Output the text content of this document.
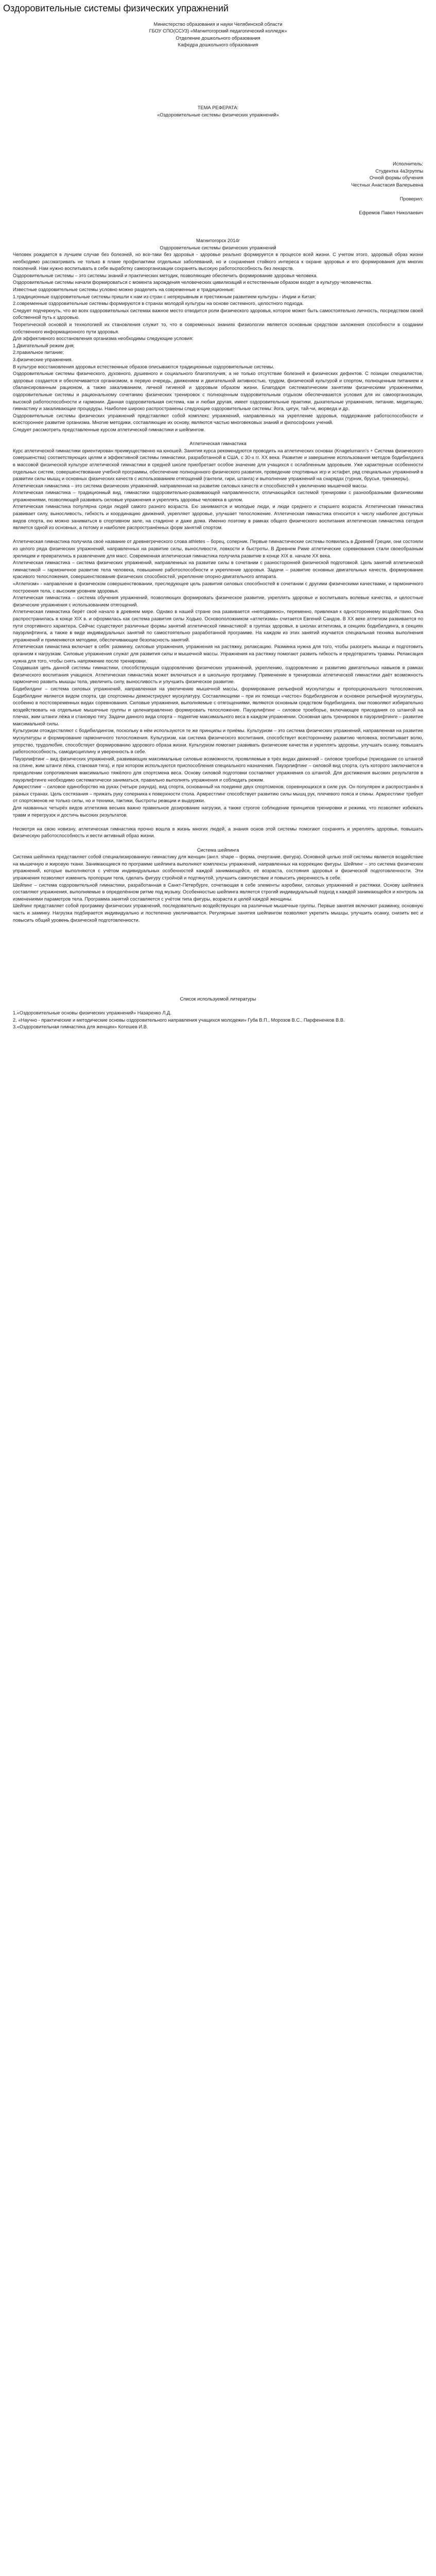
Оздоровительные системы физических упражнений
Министерство образования и науки Челябинской области
ГБОУ СПО(ССУЗ) «Магнитогорский педагогический колледж»
Отделение дошкольного образования
Кафедра дошкольного образования
ТЕМА РЕФЕРАТА:
«Оздоровительные системы физических упражнений»
Исполнитель:
Студентка 4a3группы
Очной формы обучения
Честных Анастасия Валерьевна
Проверил:
Ефремов Павел Николаевич
Магнитогорск 2014г
Оздоровительные системы физических упражнений

Человек рождается в лучшем случае без болезней, но все-таки без здоровья - здоровье реально формируется в процессе всей жизни. С учетом этого, здоровый образ жизни необходимо рассматривать не только в плане профилактики отдельных заболеваний, но и сохранения стойкого интереса к охране здоровья и его формирования для многих поколений. Нам нужно воспитывать в себе выработку самоорганизации сохранять высокую работоспособность без лекарств.

Оздоровительные системы – это системы знаний и практических методик, позволяющие обеспечить формирование здоровья человека.

Оздоровительные системы начали формироваться с момента зарождения человеческих цивилизаций и естественным образом входят в культуру человечества.

Известные оздоровительные системы условно можно разделить на современные и традиционные:

1.традиционные оздоровительные системы пришли к нам из стран с непрерывным и престижным развитием культуры - Индии и Китая;

2.современные оздоровительные системы формируются в странах молодой культуры на основе системного, целостного подхода.

Следует подчеркнуть, что во всех оздоровительных системах важное место отводится роли физического здоровья, которое может быть самостоятельно личность, посредством своей собственной путь к здоровью.

Теоретической основой и технологией их становления служит то, что в современных знаниях физиологии является основным средством заложения способности в создании собственного информационного пути здоровья.

Для эффективного восстановления организма необходимы следующие условия:

1.Двигательный режим дня;

2.правильное питание;

3.физические упражнения.

В культуре восстановления здоровья естественные образов описываются традиционные оздоровительные системы.

Оздоровительные системы физического, духовного, душевного и социального благополучия, а не только отсутствие болезней и физических дефектов. С позиции специалистов, здоровье создается и обеспечивается организмом, в первую очередь, движением и двигательной активностью, трудом, физической культурой и спортом, полноценным питанием и сбалансированным рационом, а также закаливанием, личной гигиеной и здоровым образом жизни. Благодаря систематическим занятиям физическими упражнениями, оздоровительные системы и рациональному сочетанию физических тренировок с полноценным оздоровительным отдыхом обеспечиваются условия для их самоорганизации, высокой работоспособности и гармонии. Данная оздоровительная система, как и любая другая, имеет оздоровительные практики, дыхательные упражнения, питание, медитацию, гимнастику и закаливающие процедуры. Наиболее широко распространены следующие оздоровительные системы: йога, цигун, тай-чи, аюрведа и др.

Оздоровительные системы физических упражнений представляют собой комплекс упражнений, направленных на укрепление здоровья, поддержание работоспособности и всестороннее развитие организма. Многие методики, составляющие их основу, являются частью многовековых знаний и философских учений.

Следует рассмотреть представленные курсом атлетической гимнастики и шейпингом.

Атлетическая гимнастика

Курс атлетической гимнастики ориентирован преимущественно на юношей. Занятия курса рекомендуются проводить на атлетических основах (Knagelumann's + Система физического совершенства) соответствующих целям и эффективной системы гимнастики, разработанной в США, с 30-х гг. XX века. Развитие и завершение использования методов бодибилдинга в массовой физической культуре атлетической гимнастики в средней школе приобретает особое значение для учащихся с ослабленным здоровьем. Уже характерные особенности отдельных систем, совершенствование учебной программы, обеспечение полноценного физического развития, проведение спортивных игр и эстафет, ряд специальных упражнений в развитии силы мышц и основных физических качеств с использованием отягощений (гантели, гири, штанга) и выполнение упражнений на снарядах (турник, брусья, тренажеры).

Атлетическая гимнастика – это система физических упражнений, направленная на развитие силовых качеств и способностей к увеличению мышечной массы.

Атлетическая гимнастика – традиционный вид, гимнастики оздоровительно-развивающей направленности, отличающийся системой тренировки с разнообразными физическими упражнениями, позволяющей развивать силовые упражнения и укреплять здоровье человека в целом.

Атлетическая гимнастика популярна среди людей самого разного возраста. Ею занимаются и молодые люди, и люди среднего и старшего возраста. Атлетическая гимнастика развивает силу, выносливость, гибкость и координацию движений, укрепляет здоровье, улучшает телосложение. Атлетическая гимнастика относится к числу наиболее доступных видов спорта, ею можно заниматься в спортивном зале, на стадионе и даже дома. Именно поэтому в рамках общего физического воспитания атлетическая гимнастика сегодня является одной из основных, а потому и наиболее распространённых форм занятий спортом.

Атлетическая гимнастика получила своё название от древнегреческого слова athletes – борец, соперник. Первые гимнастические системы появились в Древней Греции, они состояли из целого ряда физических упражнений, направленных на развитие силы, выносливости, ловкости и быстроты. В Древнем Риме атлетические соревнования стали своеобразным зрелищем и превратились в развлечение для масс. Современная атлетическая гимнастика получила развитие в конце XIX в. начале XX века.

Атлетическая гимнастика – система физических упражнений, направленных на развитие силы в сочетании с разносторонней физической подготовкой. Цель занятий атлетической гимнастикой – гармоничное развитие тела человека, повышение работоспособности и укрепление здоровья. Задачи – развитие основных двигательных качеств, формирование красивого телосложения, совершенствование физических способностей, укрепление опорно-двигательного аппарата.

«Атлетизм» - направление в физическом совершенствовании, преследующее цель развития силовых способностей в сочетании с другими физическими качествами, и гармоничного построения тела, с высоким уровнем здоровья.

Атлетическая гимнастика – система обучения упражнений, позволяющих формировать физическое развитие, укреплять здоровье и воспитывать волевые качества, и целостные физические упражнения с использованием отягощений.

Атлетическая гимнастика берёт своё начало в древнем мире. Однако в нашей стране она развивается «неподвижно», переменно, привлекая к одностороннему воздействию. Она распространилась в конце XIX в. и оформилась как система развития силы Ходько. Основоположником «атлетизма» считается Евгений Сандов. В XX веке атлетизм развивается по пути спортивного характера. Сейчас существуют различные формы занятий атлетической гимнастикой: в группах здоровья, в школах атлетизма, в секциях бодибилдинга, в секциях пауэрлифтинга, а также в виде индивидуальных занятий по самостоятельно разработанной программе. На каждом из этих занятий изучается специальная техника выполнения упражнений и применяются методики, обеспечивающие безопасность занятий.

Атлетическая гимнастика включает в себя: разминку, силовые упражнения, упражнения на растяжку, релаксацию. Разминка нужна для того, чтобы разогреть мышцы и подготовить организм к нагрузкам. Силовые упражнения служат для развития силы и мышечной массы. Упражнения на растяжку помогают развить гибкость и предотвратить травмы. Релаксация нужна для того, чтобы снять напряжение после тренировки.

Создавшая цепь данной системы гимнастики, способствующая оздоровлению физических упражнений, укреплению, оздоровлению и развитию двигательных навыков в рамках физического воспитания учащихся. Атлетическая гимнастика может включаться и в школьную программу. Применение в тренировках атлетической гимнастики даёт возможность гармонично развить мышцы тела, увеличить силу, выносливость и улучшить физическое развитие.

Бодибилдинг – система силовых упражнений, направленная на увеличение мышечной массы, формирование рельефной мускулатуры и пропорционального телосложения. Бодибилдинг является видом спорта, где спортсмены демонстрируют мускулатуру. Составляющими – при их помощи «чистое» бодибилдингом и основное рельефной мускулатуры, особенно в постсовременных видах соревнования. Силовые упражнения, выполняемые с отягощениями, являются основным средством бодибилдинга, они позволяют избирательно воздействовать на отдельные мышечные группы и целенаправленно формировать телосложение. Пауэрлифтинг – силовое троеборье, включающее приседания со штангой на плечах, жим штанги лёжа и становую тягу. Задачи данного вида спорта – поднятие максимального веса в каждом упражнении. Основная цель тренировок в пауэрлифтинге – развитие максимальной силы.

Культуризм отождествляют с бодибилдингом, поскольку в нём используются те же принципы и приёмы. Культуризм – это система физических упражнений, направленная на развитие мускулатуры и формирование гармоничного телосложения. Культуризм, как система физического воспитания, способствует всестороннему развитию человека, воспитывает волю, упорство, трудолюбие, способствует формированию здорового образа жизни. Культуризм помогает развивать физические качества и укреплять здоровье, улучшать осанку, повышать работоспособность, самодисциплину и уверенность в себе.

Пауэрлифтинг – вид физических упражнений, развивающих максимальные силовые возможности, проявляемые в трёх видах движений – силовое троеборье (приседание со штангой на спине, жим штанги лёжа, становая тяга), и при котором используются приспособления специального назначения. Пауэрлифтинг – силовой вид спорта, суть которого заключается в преодолении сопротивления максимально тяжёлого для спортсмена веса. Основу силовой подготовки составляют упражнения со штангой. Для достижения высоких результатов в пауэрлифтинге необходимо систематически заниматься, правильно выполнять упражнения и соблюдать режим.

Армрестлинг – силовое единоборство на руках (четыре раунда), вид спорта, основанный на поединке двух спортсменов, соревнующихся в силе рук. Он популярен и распространён в разных странах. Цель состязания – прижать руку соперника к поверхности стола. Армрестлинг способствует развитию силы мышц рук, плечевого пояса и спины. Армрестлинг требует от спортсменов не только силы, но и техники, тактики, быстроты реакции и выдержки.

Для названных четырёх видов атлетизма весьма важно правильное дозирование нагрузки, а также строгое соблюдение принципов тренировки и режима, что позволяет избежать травм и перегрузок и достичь высоких результатов.

Несмотря на свою новизну, атлетическая гимнастика прочно вошла в жизнь многих людей, а знания основ этой системы помогают сохранять и укреплять здоровье, повышать физическую работоспособность и вести активный образ жизни.

Система шейпинга

Система шейпинга представляет собой специализированную гимнастику для женщин (англ. shape – форма, очертание, фигура). Основной целью этой системы является воздействие на мышечную и жировую ткани. Занимающиеся по программе шейпинга выполняют комплексы упражнений, направленных на коррекцию фигуры. Шейпинг – это система физических упражнений, которые выполняются с учётом индивидуальных особенностей каждой занимающейся, её возраста, состояния здоровья и физической подготовленности. Эти упражнения позволяют изменить пропорции тела, сделать фигуру стройной и подтянутой, улучшить самочувствие и повысить уверенность в себе.

Шейпинг – система оздоровительной гимнастики, разработанная в Санкт-Петербурге, сочетающая в себе элементы аэробики, силовых упражнений и растяжки. Основу шейпинга составляют упражнения, выполняемые в определённом ритме под музыку. Особенностью шейпинга является строгий индивидуальный подход к каждой занимающейся и контроль за изменениями параметров тела. Программа занятий составляется с учётом типа фигуры, возраста и целей каждой женщины.

Шейпинг представляет собой программу физических упражнений, последовательно воздействующих на различные мышечные группы. Первые занятия включают разминку, основную часть и заминку. Нагрузка подбирается индивидуально и постепенно увеличивается. Регулярные занятия шейпингом позволяют укрепить мышцы, улучшить осанку, снизить вес и повысить общий уровень физической подготовленности.

Список используемой литературы
1.«Оздоровительные основы физических упражнений» Назаренко Л.Д.
2. «Научно - практические и методические основы оздоровительного направления учащихся молодежи» Губа В.П., Морозов В.С., Парфененков В.В.
3.«Оздоровительная гимнастика для женщин» Котешев И.В.
